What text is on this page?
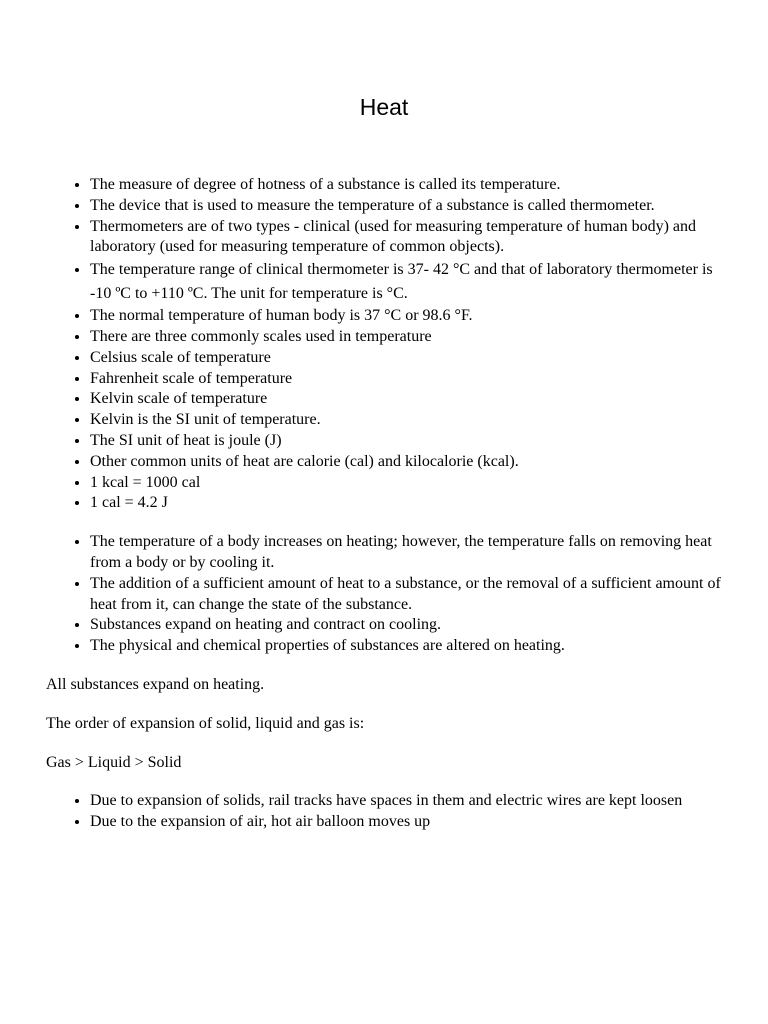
Heat
• The measure of degree of hotness of a substance is called its temperature.
• The device that is used to measure the temperature of a substance is called thermometer.
• Thermometers are of two types - clinical (used for measuring temperature of human body) and laboratory (used for measuring temperature of common objects).
• The temperature range of clinical thermometer is 37- 42 °C and that of laboratory thermometer is -10 ºC to +110 ºC. The unit for temperature is °C.
• The normal temperature of human body is 37 °C or 98.6 °F.
• There are three commonly scales used in temperature
• Celsius scale of temperature
• Fahrenheit scale of temperature
• Kelvin scale of temperature
• Kelvin is the SI unit of temperature.
• The SI unit of heat is joule (J)
• Other common units of heat are calorie (cal) and kilocalorie (kcal).
• 1 kcal = 1000 cal
• 1 cal = 4.2 J
• The temperature of a body increases on heating; however, the temperature falls on removing heat from a body or by cooling it.
• The addition of a sufficient amount of heat to a substance, or the removal of a sufficient amount of heat from it, can change the state of the substance.
• Substances expand on heating and contract on cooling.
• The physical and chemical properties of substances are altered on heating.

All substances expand on heating.

The order of expansion of solid, liquid and gas is:

Gas > Liquid > Solid

• Due to expansion of solids, rail tracks have spaces in them and electric wires are kept loosen
• Due to the expansion of air, hot air balloon moves up
